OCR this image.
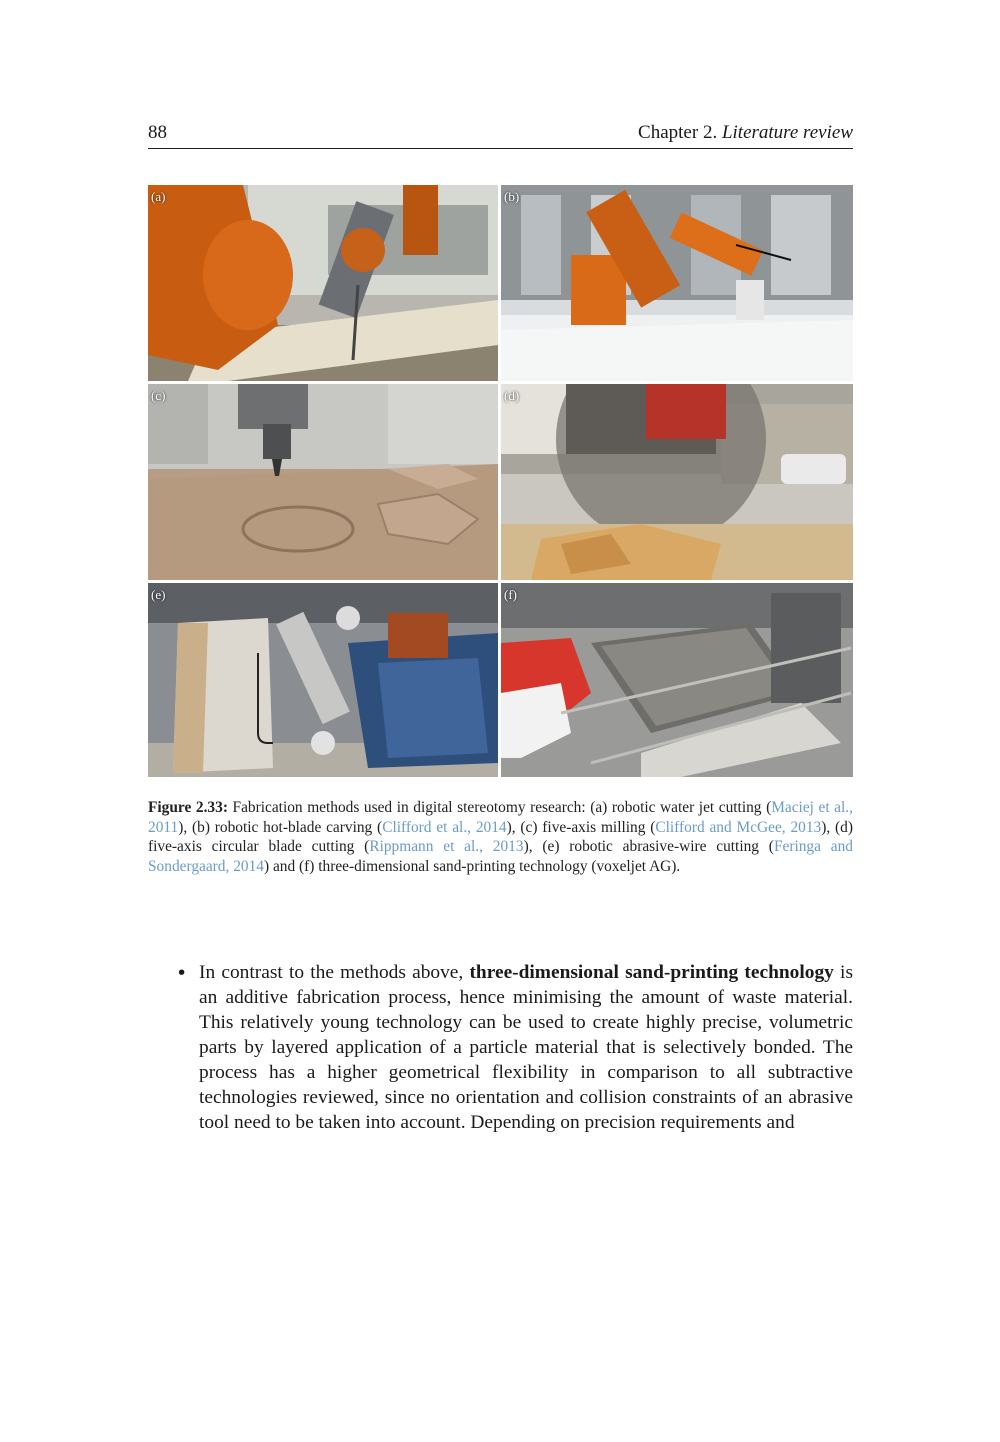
88	Chapter 2. Literature review
(a)	(b)
(c)	(d)
(e)	(f)
Figure 2.33: Fabrication methods used in digital stereotomy research: (a) robotic water jet cutting (Maciej et al., 2011), (b) robotic hot-blade carving (Clifford et al., 2014), (c) five-axis milling (Clifford and McGee, 2013), (d) five-axis circular blade cutting (Rippmann et al., 2013), (e) robotic abrasive-wire cutting (Feringa and Sondergaard, 2014) and (f) three-dimensional sand-printing technology (voxeljet AG).
• In contrast to the methods above, three-dimensional sand-printing technology is an additive fabrication process, hence minimising the amount of waste material. This relatively young technology can be used to create highly precise, volumetric parts by layered application of a particle material that is selectively bonded. The process has a higher geometrical flexibility in comparison to all subtractive technologies reviewed, since no orientation and collision constraints of an abrasive tool need to be taken into account. Depending on precision requirements and
